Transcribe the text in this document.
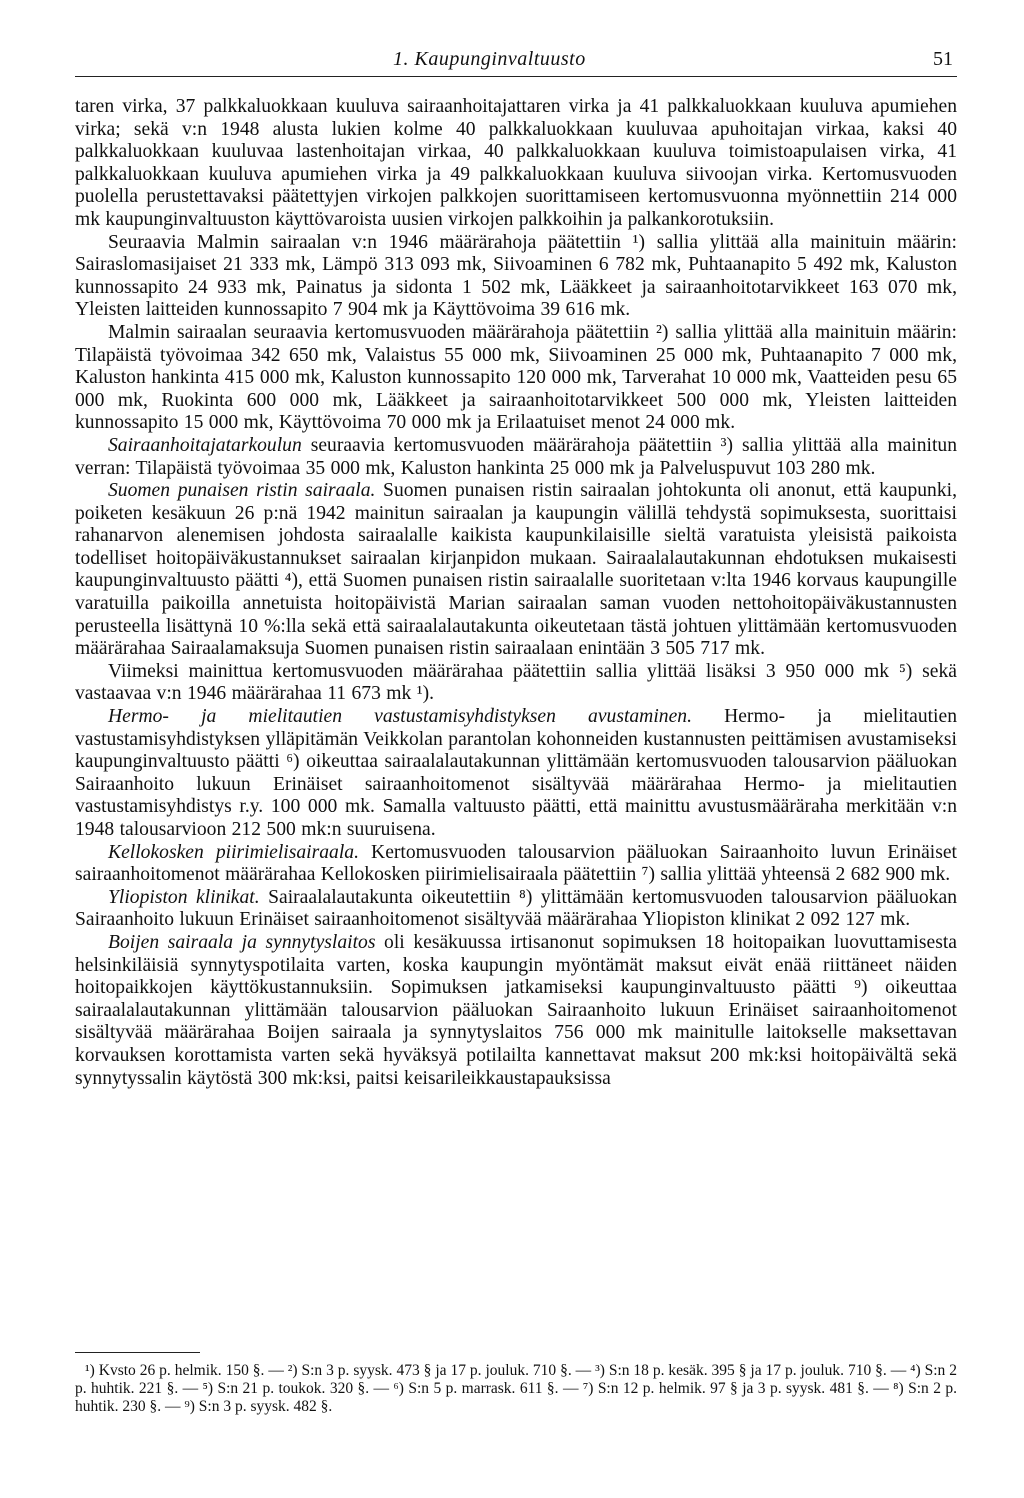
1. Kaupunginvaltuusto	51

taren virka, 37 palkkaluokkaan kuuluva sairaanhoitajattaren virka ja 41 palkkaluokkaan kuuluva apumiehen virka; sekä v:n 1948 alusta lukien kolme 40 palkkaluokkaan kuuluvaa apuhoitajan virkaa, kaksi 40 palkkaluokkaan kuuluvaa lastenhoitajan virkaa, 40 palkkaluokkaan kuuluva toimistoapulaisen virka, 41 palkkaluokkaan kuuluva apumiehen virka ja 49 palkkaluokkaan kuuluva siivoojan virka. Kertomusvuoden puolella perustettavaksi päätettyjen virkojen palkkojen suorittamiseen kertomusvuonna myönnettiin 214 000 mk kaupunginvaltuuston käyttövaroista uusien virkojen palkkoihin ja palkankorotuksiin.

Seuraavia Malmin sairaalan v:n 1946 määrärahoja päätettiin ¹) sallia ylittää alla mainituin määrin: Sairaslomasijaiset 21 333 mk, Lämpö 313 093 mk, Siivoaminen 6 782 mk, Puhtaanapito 5 492 mk, Kaluston kunnossapito 24 933 mk, Painatus ja sidonta 1 502 mk, Lääkkeet ja sairaanhoitotarvikkeet 163 070 mk, Yleisten laitteiden kunnossapito 7 904 mk ja Käyttövoima 39 616 mk.

Malmin sairaalan seuraavia kertomusvuoden määrärahoja päätettiin ²) sallia ylittää alla mainituin määrin: Tilapäistä työvoimaa 342 650 mk, Valaistus 55 000 mk, Siivoaminen 25 000 mk, Puhtaanapito 7 000 mk, Kaluston hankinta 415 000 mk, Kaluston kunnossapito 120 000 mk, Tarverahat 10 000 mk, Vaatteiden pesu 65 000 mk, Ruokinta 600 000 mk, Lääkkeet ja sairaanhoitotarvikkeet 500 000 mk, Yleisten laitteiden kunnossapito 15 000 mk, Käyttövoima 70 000 mk ja Erilaatuiset menot 24 000 mk.

Sairaanhoitajatarkoulun seuraavia kertomusvuoden määrärahoja päätettiin ³) sallia ylittää alla mainitun verran: Tilapäistä työvoimaa 35 000 mk, Kaluston hankinta 25 000 mk ja Palveluspuvut 103 280 mk.

Suomen punaisen ristin sairaala. Suomen punaisen ristin sairaalan johtokunta oli anonut, että kaupunki, poiketen kesäkuun 26 p:nä 1942 mainitun sairaalan ja kaupungin välillä tehdystä sopimuksesta, suorittaisi rahanarvon alenemisen johdosta sairaalalle kaikista kaupunkilaisille sieltä varatuista yleisistä paikoista todelliset hoitopäiväkustannukset sairaalan kirjanpidon mukaan. Sairaalalautakunnan ehdotuksen mukaisesti kaupunginvaltuusto päätti ⁴), että Suomen punaisen ristin sairaalalle suoritetaan v:lta 1946 korvaus kaupungille varatuilla paikoilla annetuista hoitopäivistä Marian sairaalan saman vuoden nettohoitopäiväkustannusten perusteella lisättynä 10 %:lla sekä että sairaalalautakunta oikeutetaan tästä johtuen ylittämään kertomusvuoden määrärahaa Sairaalamaksuja Suomen punaisen ristin sairaalaan enintään 3 505 717 mk.

Viimeksi mainittua kertomusvuoden määrärahaa päätettiin sallia ylittää lisäksi 3 950 000 mk ⁵) sekä vastaavaa v:n 1946 määrärahaa 11 673 mk ¹).

Hermo- ja mielitautien vastustamisyhdistyksen avustaminen. Hermo- ja mielitautien vastustamisyhdistyksen ylläpitämän Veikkolan parantolan kohonneiden kustannusten peittämisen avustamiseksi kaupunginvaltuusto päätti ⁶) oikeuttaa sairaalalautakunnan ylittämään kertomusvuoden talousarvion pääluokan Sairaanhoito lukuun Erinäiset sairaanhoitomenot sisältyvää määrärahaa Hermo- ja mielitautien vastustamisyhdistys r.y. 100 000 mk. Samalla valtuusto päätti, että mainittu avustusmääräraha merkitään v:n 1948 talousarvioon 212 500 mk:n suuruisena.

Kellokosken piirimielisairaala. Kertomusvuoden talousarvion pääluokan Sairaanhoito luvun Erinäiset sairaanhoitomenot määrärahaa Kellokosken piirimielisairaala päätettiin ⁷) sallia ylittää yhteensä 2 682 900 mk.

Yliopiston klinikat. Sairaalalautakunta oikeutettiin ⁸) ylittämään kertomusvuoden talousarvion pääluokan Sairaanhoito lukuun Erinäiset sairaanhoitomenot sisältyvää määrärahaa Yliopiston klinikat 2 092 127 mk.

Boijen sairaala ja synnytyslaitos oli kesäkuussa irtisanonut sopimuksen 18 hoitopaikan luovuttamisesta helsinkiläisiä synnytyspotilaita varten, koska kaupungin myöntämät maksut eivät enää riittäneet näiden hoitopaikkojen käyttökustannuksiin. Sopimuksen jatkamiseksi kaupunginvaltuusto päätti ⁹) oikeuttaa sairaalalautakunnan ylittämään talousarvion pääluokan Sairaanhoito lukuun Erinäiset sairaanhoitomenot sisältyvää määrärahaa Boijen sairaala ja synnytyslaitos 756 000 mk mainitulle laitokselle maksettavan korvauksen korottamista varten sekä hyväksyä potilailta kannettavat maksut 200 mk:ksi hoitopäivältä sekä synnytyssalin käytöstä 300 mk:ksi, paitsi keisarileikkaustapauksissa

¹) Kvsto 26 p. helmik. 150 §. — ²) S:n 3 p. syysk. 473 § ja 17 p. jouluk. 710 §. — ³) S:n 18 p. kesäk. 395 § ja 17 p. jouluk. 710 §. — ⁴) S:n 2 p. huhtik. 221 §. — ⁵) S:n 21 p. toukok. 320 §. — ⁶) S:n 5 p. marrask. 611 §. — ⁷) S:n 12 p. helmik. 97 § ja 3 p. syysk. 481 §. — ⁸) S:n 2 p. huhtik. 230 §. — ⁹) S:n 3 p. syysk. 482 §.
